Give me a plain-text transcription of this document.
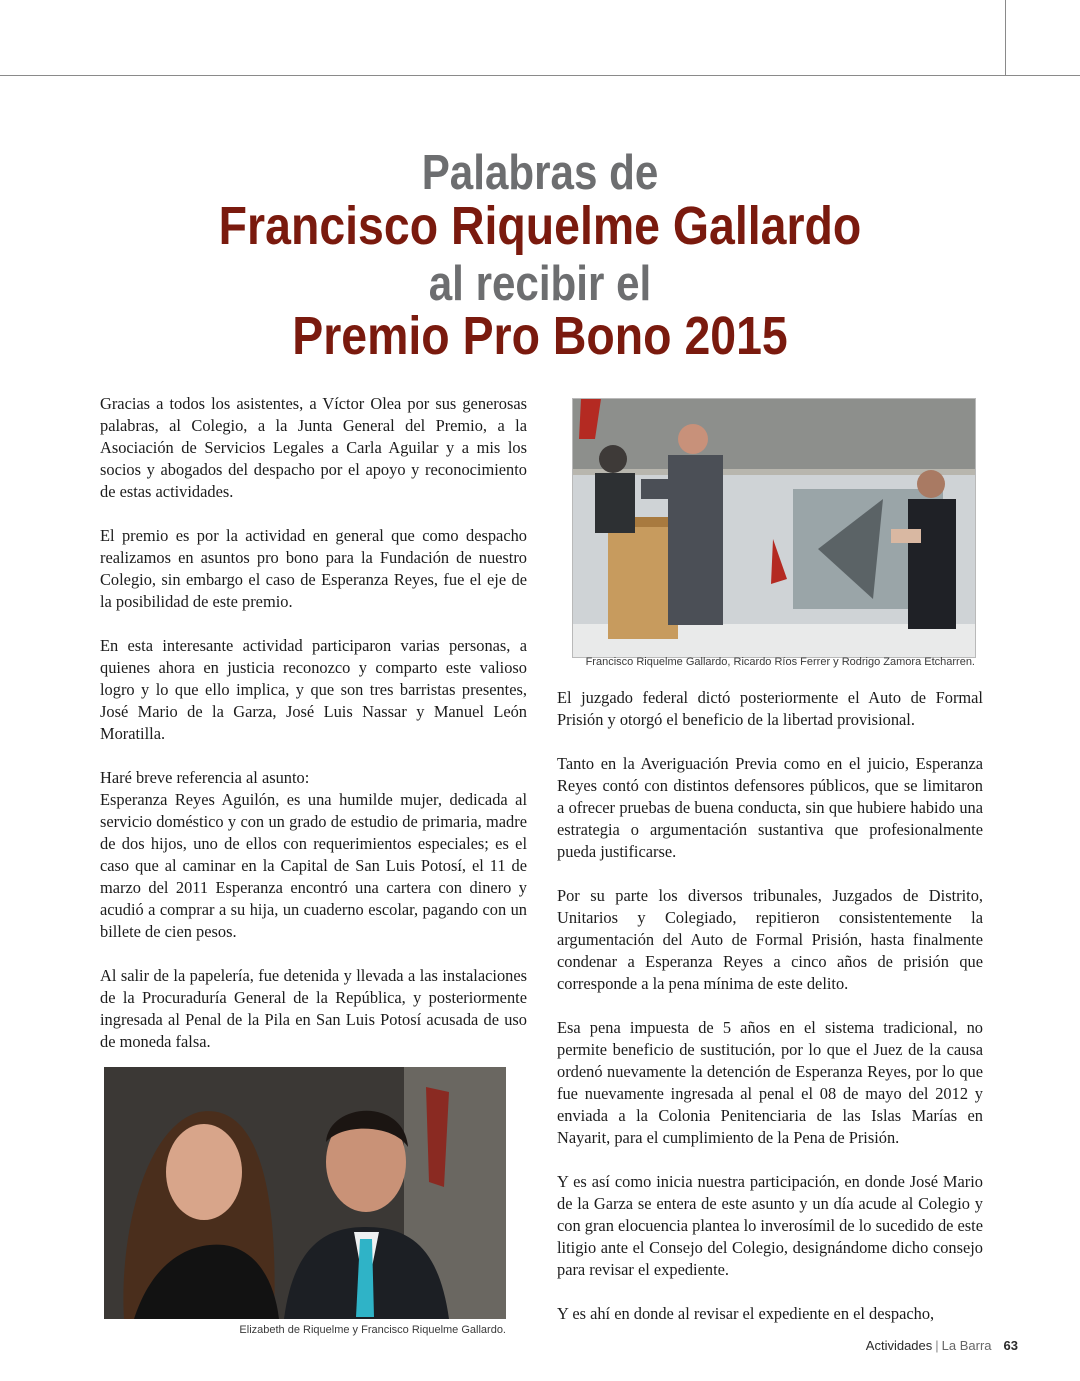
Palabras de
Francisco Riquelme Gallardo
al recibir el
Premio Pro Bono 2015

Gracias a todos los asistentes, a Víctor Olea por sus generosas palabras, al Colegio, a la Junta General del Premio, a la Asociación de Servicios Legales a Carla Aguilar y a mis los socios y abogados del despacho por el apoyo y reconocimiento de estas actividades.

El premio es por la actividad en general que como despacho realizamos en asuntos pro bono para la Fundación de nuestro Colegio, sin embargo el caso de Esperanza Reyes, fue el eje de la posibilidad de este premio.

En esta interesante actividad participaron varias personas, a quienes ahora en justicia reconozco y comparto este valioso logro y lo que ello implica, y que son tres barristas presentes, José Mario de la Garza, José Luis Nassar y Manuel León Moratilla.

Haré breve referencia al asunto:

Esperanza Reyes Aguilón, es una humilde mujer, dedicada al servicio doméstico y con un grado de estudio de primaria, madre de dos hijos, uno de ellos con requerimientos especiales; es el caso que al caminar en la Capital de San Luis Potosí, el 11 de marzo del 2011 Esperanza encontró una cartera con dinero y acudió a comprar a su hija, un cuaderno escolar, pagando con un billete de cien pesos.

Al salir de la papelería, fue detenida y llevada a las instalaciones de la Procuraduría General de la República, y posteriormente ingresada al Penal de la Pila en San Luis Potosí acusada de uso de moneda falsa.

Francisco Riquelme Gallardo, Ricardo Ríos Ferrer y Rodrigo Zamora Etcharren.
Elizabeth de Riquelme y Francisco Riquelme Gallardo.

El juzgado federal dictó posteriormente el Auto de Formal Prisión y otorgó el beneficio de la libertad provisional.

Tanto en la Averiguación Previa como en el juicio, Esperanza Reyes contó con distintos defensores públicos, que se limitaron a ofrecer pruebas de buena conducta, sin que hubiere habido una estrategia o argumentación sustantiva que profesionalmente pueda justificarse.

Por su parte los diversos tribunales, Juzgados de Distrito, Unitarios y Colegiado, repitieron consistentemente la argumentación del Auto de Formal Prisión, hasta finalmente condenar a Esperanza Reyes a cinco años de prisión que corresponde a la pena mínima de este delito.

Esa pena impuesta de 5 años en el sistema tradicional, no permite beneficio de sustitución, por lo que el Juez de la causa ordenó nuevamente la detención de Esperanza Reyes, por lo que fue nuevamente ingresada al penal el 08 de mayo del 2012 y enviada a la Colonia Penitenciaria de las Islas Marías en Nayarit, para el cumplimiento de la Pena de Prisión.

Y es así como inicia nuestra participación, en donde José Mario de la Garza se entera de este asunto y un día acude al Colegio y con gran elocuencia plantea lo inverosímil de lo sucedido de este litigio ante el Consejo del Colegio, designándome dicho consejo para revisar el expediente.

Y es ahí en donde al revisar el expediente en el despacho,

Actividades | La Barra 63
